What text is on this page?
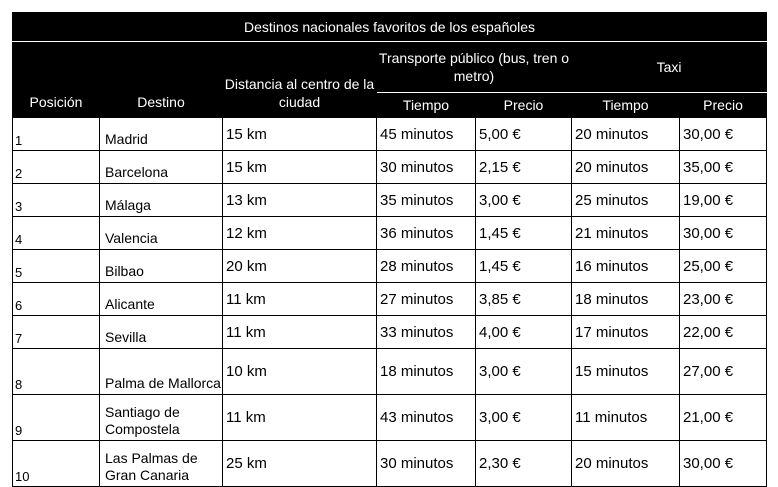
Destinos nacionales favoritos de los españoles						
Posición	Destino	Distancia al centro de la ciudad	Transporte público (bus, tren o metro)		Taxi	
			Tiempo	Precio	Tiempo	Precio
1	Madrid	15 km	45 minutos	5,00 €	20 minutos	30,00 €
2	Barcelona	15 km	30 minutos	2,15 €	20 minutos	35,00 €
3	Málaga	13 km	35 minutos	3,00 €	25 minutos	19,00 €
4	Valencia	12 km	36 minutos	1,45 €	21 minutos	30,00 €
5	Bilbao	20 km	28 minutos	1,45 €	16 minutos	25,00 €
6	Alicante	11 km	27 minutos	3,85 €	18 minutos	23,00 €
7	Sevilla	11 km	33 minutos	4,00 €	17 minutos	22,00 €
8	Palma de Mallorca	10 km	18 minutos	3,00 €	15 minutos	27,00 €
9	Santiago de Compostela	11 km	43 minutos	3,00 €	11 minutos	21,00 €
10	Las Palmas de Gran Canaria	25 km	30 minutos	2,30 €	20 minutos	30,00 €
